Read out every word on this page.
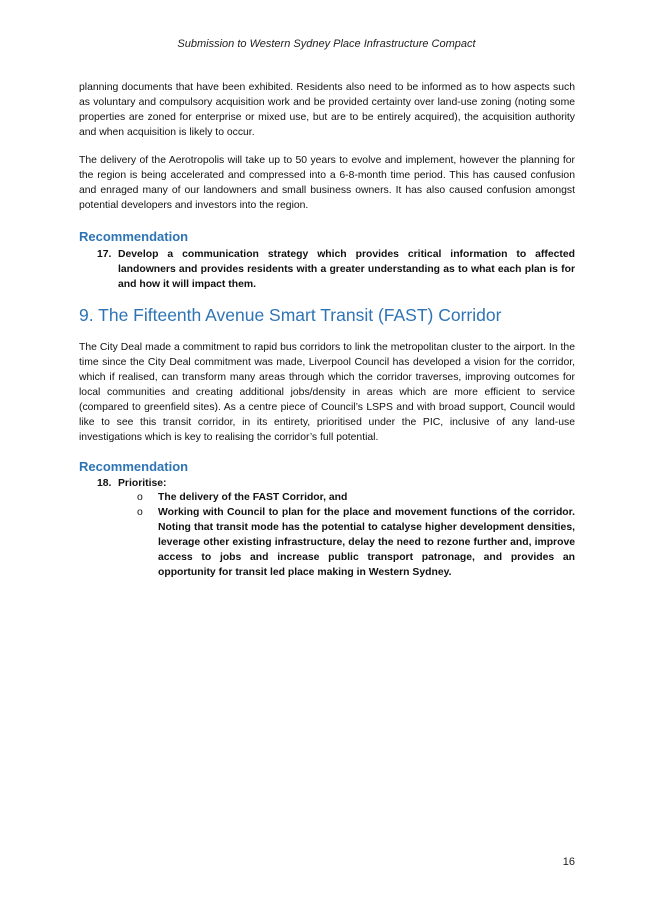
Submission to Western Sydney Place Infrastructure Compact

planning documents that have been exhibited. Residents also need to be informed as to how aspects such as voluntary and compulsory acquisition work and be provided certainty over land-use zoning (noting some properties are zoned for enterprise or mixed use, but are to be entirely acquired), the acquisition authority and when acquisition is likely to occur.

The delivery of the Aerotropolis will take up to 50 years to evolve and implement, however the planning for the region is being accelerated and compressed into a 6-8-month time period. This has caused confusion and enraged many of our landowners and small business owners. It has also caused confusion amongst potential developers and investors into the region.

Recommendation
17. Develop a communication strategy which provides critical information to affected landowners and provides residents with a greater understanding as to what each plan is for and how it will impact them.
9. The Fifteenth Avenue Smart Transit (FAST) Corridor

The City Deal made a commitment to rapid bus corridors to link the metropolitan cluster to the airport. In the time since the City Deal commitment was made, Liverpool Council has developed a vision for the corridor, which if realised, can transform many areas through which the corridor traverses, improving outcomes for local communities and creating additional jobs/density in areas which are more efficient to service (compared to greenfield sites). As a centre piece of Council’s LSPS and with broad support, Council would like to see this transit corridor, in its entirety, prioritised under the PIC, inclusive of any land-use investigations which is key to realising the corridor’s full potential.

Recommendation
18. Prioritise:
o	The delivery of the FAST Corridor, and
o	Working with Council to plan for the place and movement functions of the corridor. Noting that transit mode has the potential to catalyse higher development densities, leverage other existing infrastructure, delay the need to rezone further and, improve access to jobs and increase public transport patronage, and provides an opportunity for transit led place making in Western Sydney.
16
